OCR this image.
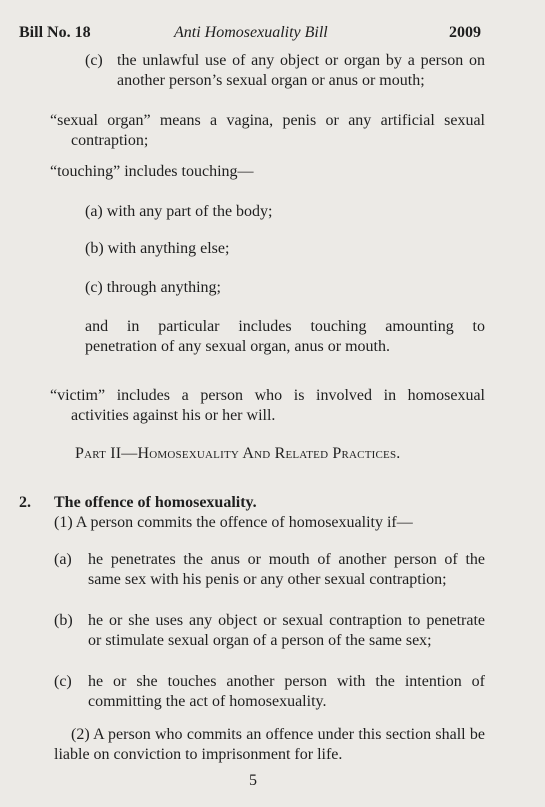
Bill No. 18	Anti Homosexuality Bill	2009
(c) the unlawful use of any object or organ by a person on
another person’s sexual organ or anus or mouth;
“sexual organ” means a vagina, penis or any artificial sexual
contraption;
“touching” includes touching—
(a) with any part of the body;
(b) with anything else;
(c) through anything;
and in particular includes touching amounting to
penetration of any sexual organ, anus or mouth.
“victim” includes a person who is involved in homosexual
activities against his or her will.
Part II—Homosexuality And Related Practices.
2. The offence of homosexuality.
(1) A person commits the offence of homosexuality if—
(a) he penetrates the anus or mouth of another person of the
same sex with his penis or any other sexual contraption;
(b) he or she uses any object or sexual contraption to penetrate
or stimulate sexual organ of a person of the same sex;
(c) he or she touches another person with the intention of
committing the act of homosexuality.
(2) A person who commits an offence under this section shall be
liable on conviction to imprisonment for life.
5
